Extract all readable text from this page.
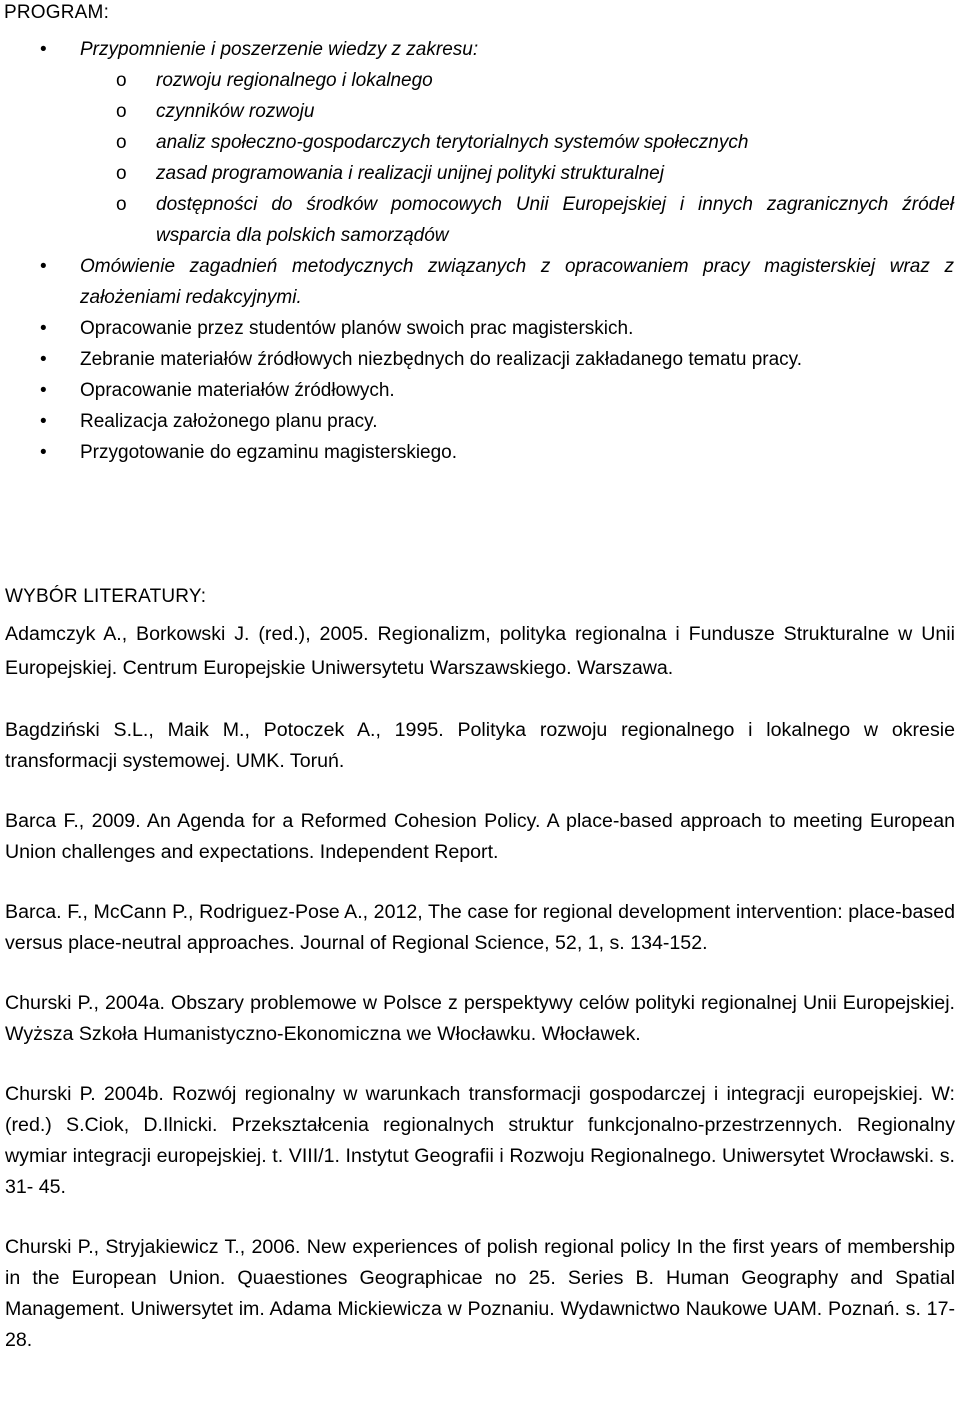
PROGRAM:
• Przypomnienie i poszerzenie wiedzy z zakresu:
o rozwoju regionalnego i lokalnego
o czynników rozwoju
o analiz społeczno-gospodarczych terytorialnych systemów społecznych
o zasad programowania i realizacji unijnej polityki strukturalnej
o dostępności do środków pomocowych Unii Europejskiej i innych zagranicznych źródeł wsparcia dla polskich samorządów
• Omówienie zagadnień metodycznych związanych z opracowaniem pracy magisterskiej wraz z założeniami redakcyjnymi.
• Opracowanie przez studentów planów swoich prac magisterskich.
• Zebranie materiałów źródłowych niezbędnych do realizacji zakładanego tematu pracy.
• Opracowanie materiałów źródłowych.
• Realizacja założonego planu pracy.
• Przygotowanie do egzaminu magisterskiego.
WYBÓR LITERATURY:

Adamczyk A., Borkowski J. (red.), 2005. Regionalizm, polityka regionalna i Fundusze Strukturalne w Unii Europejskiej. Centrum Europejskie Uniwersytetu Warszawskiego. Warszawa.

Bagdziński S.L., Maik M., Potoczek A., 1995. Polityka rozwoju regionalnego i lokalnego w okresie transformacji systemowej. UMK. Toruń.

Barca F., 2009. An Agenda for a Reformed Cohesion Policy. A place-based approach to meeting European Union challenges and expectations. Independent Report.

Barca. F., McCann P., Rodriguez-Pose A., 2012, The case for regional development intervention: place-based versus place-neutral approaches. Journal of Regional Science, 52, 1, s. 134-152.

Churski P., 2004a. Obszary problemowe w Polsce z perspektywy celów polityki regionalnej Unii Europejskiej. Wyższa Szkoła Humanistyczno-Ekonomiczna we Włocławku. Włocławek.

Churski P. 2004b. Rozwój regionalny w warunkach transformacji gospodarczej i integracji europejskiej. W: (red.) S.Ciok, D.Ilnicki. Przekształcenia regionalnych struktur funkcjonalno-przestrzennych. Regionalny wymiar integracji europejskiej. t. VIII/1. Instytut Geografii i Rozwoju Regionalnego. Uniwersytet Wrocławski. s. 31- 45.

Churski P., Stryjakiewicz T., 2006. New experiences of polish regional policy In the first years of membership in the European Union. Quaestiones Geographicae no 25. Series B. Human Geography and Spatial Management. Uniwersytet im. Adama Mickiewicza w Poznaniu. Wydawnictwo Naukowe UAM. Poznań. s. 17-28.
